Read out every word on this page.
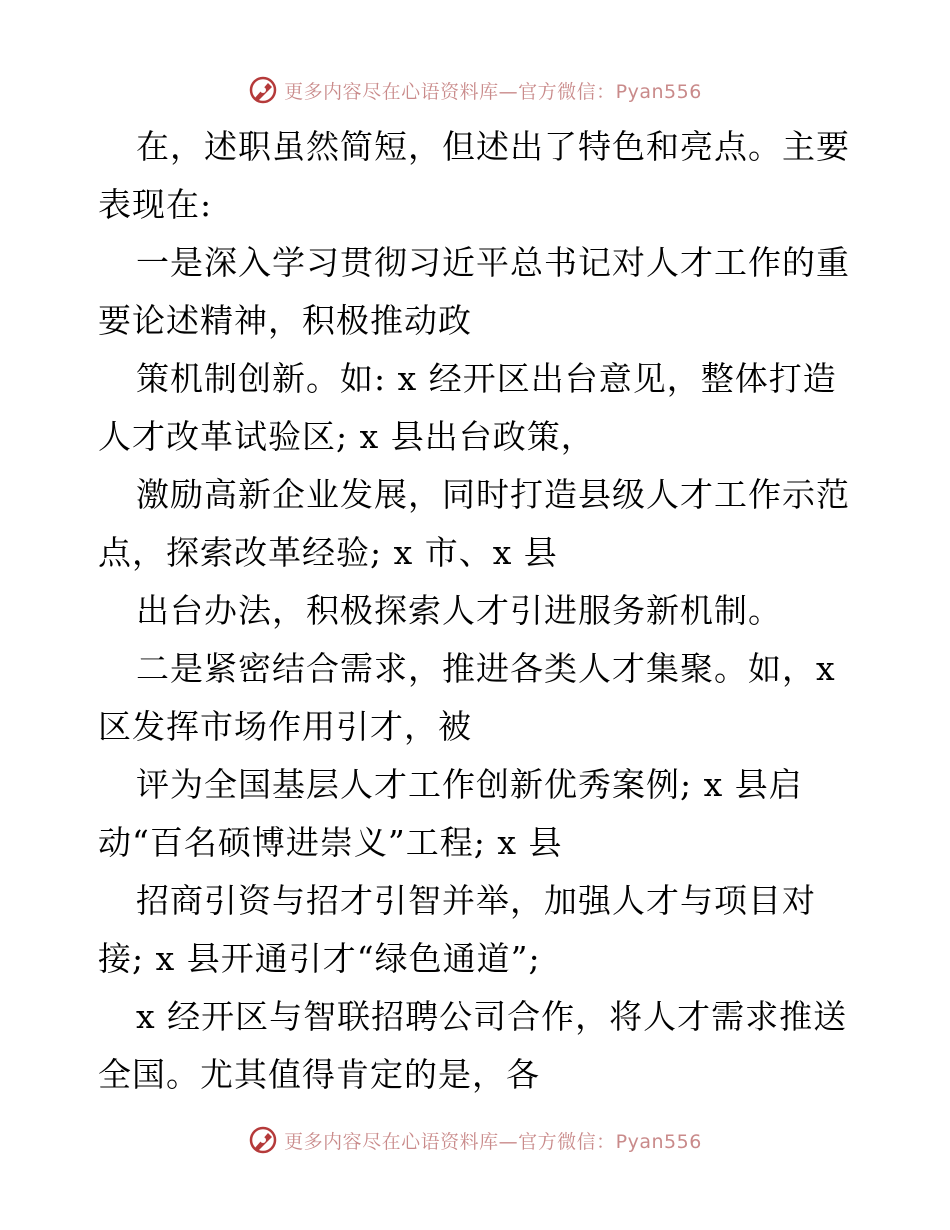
更多内容尽在心语资料库—官方微信：Pyan556
在，述职虽然简短，但述出了特色和亮点。主要
表现在:
一是深入学习贯彻习近平总书记对人才工作的重
要论述精神，积极推动政
策机制创新。如: x 经开区出台意见，整体打造
人才改革试验区; x 县出台政策，
激励高新企业发展，同时打造县级人才工作示范
点，探索改革经验; x 市、x 县
出台办法，积极探索人才引进服务新机制。
二是紧密结合需求，推进各类人才集聚。如，x
区发挥市场作用引才，被
评为全国基层人才工作创新优秀案例; x 县启
动“百名硕博进崇义”工程; x 县
招商引资与招才引智并举，加强人才与项目对
接; x 县开通引才“绿色通道”;
x 经开区与智联招聘公司合作，将人才需求推送
全国。尤其值得肯定的是，各
更多内容尽在心语资料库—官方微信：Pyan556
